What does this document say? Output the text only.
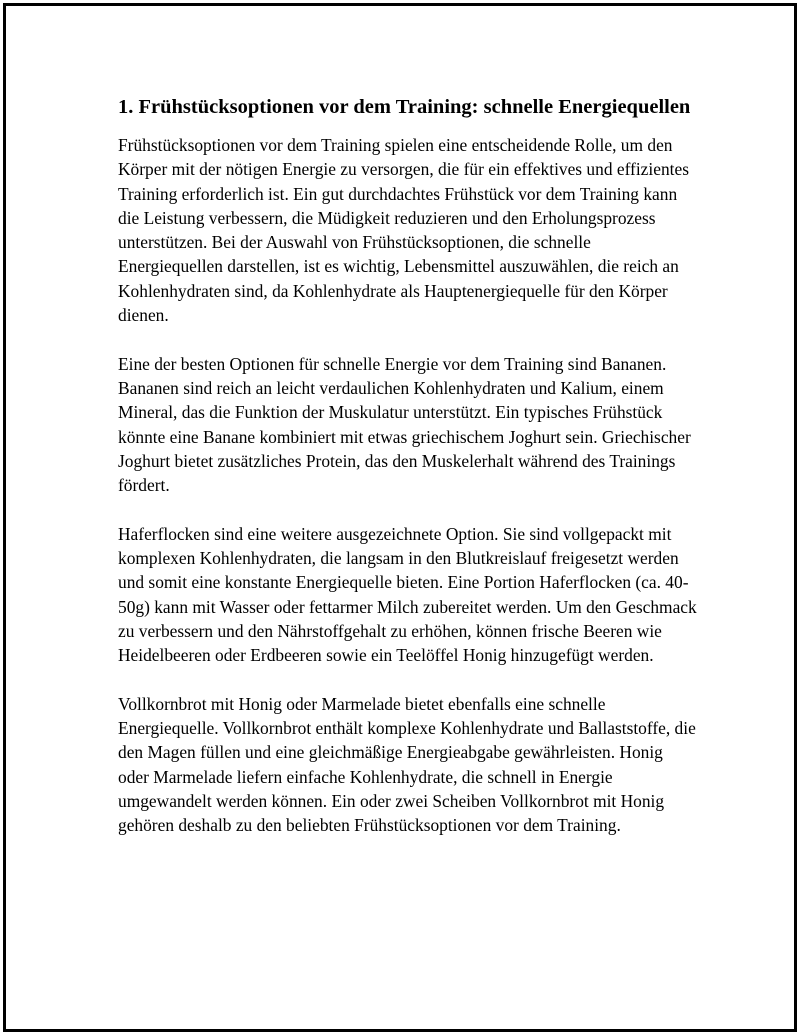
1. Frühstücksoptionen vor dem Training: schnelle Energiequellen

Frühstücksoptionen vor dem Training spielen eine entscheidende Rolle, um den Körper mit der nötigen Energie zu versorgen, die für ein effektives und effizientes Training erforderlich ist. Ein gut durchdachtes Frühstück vor dem Training kann die Leistung verbessern, die Müdigkeit reduzieren und den Erholungsprozess unterstützen. Bei der Auswahl von Frühstücksoptionen, die schnelle Energiequellen darstellen, ist es wichtig, Lebensmittel auszuwählen, die reich an Kohlenhydraten sind, da Kohlenhydrate als Hauptenergiequelle für den Körper dienen.

Eine der besten Optionen für schnelle Energie vor dem Training sind Bananen. Bananen sind reich an leicht verdaulichen Kohlenhydraten und Kalium, einem Mineral, das die Funktion der Muskulatur unterstützt. Ein typisches Frühstück könnte eine Banane kombiniert mit etwas griechischem Joghurt sein. Griechischer Joghurt bietet zusätzliches Protein, das den Muskelerhalt während des Trainings fördert.

Haferflocken sind eine weitere ausgezeichnete Option. Sie sind vollgepackt mit komplexen Kohlenhydraten, die langsam in den Blutkreislauf freigesetzt werden und somit eine konstante Energiequelle bieten. Eine Portion Haferflocken (ca. 40-50g) kann mit Wasser oder fettarmer Milch zubereitet werden. Um den Geschmack zu verbessern und den Nährstoffgehalt zu erhöhen, können frische Beeren wie Heidelbeeren oder Erdbeeren sowie ein Teelöffel Honig hinzugefügt werden.

Vollkornbrot mit Honig oder Marmelade bietet ebenfalls eine schnelle Energiequelle. Vollkornbrot enthält komplexe Kohlenhydrate und Ballaststoffe, die den Magen füllen und eine gleichmäßige Energieabgabe gewährleisten. Honig oder Marmelade liefern einfache Kohlenhydrate, die schnell in Energie umgewandelt werden können. Ein oder zwei Scheiben Vollkornbrot mit Honig gehören deshalb zu den beliebten Frühstücksoptionen vor dem Training.
